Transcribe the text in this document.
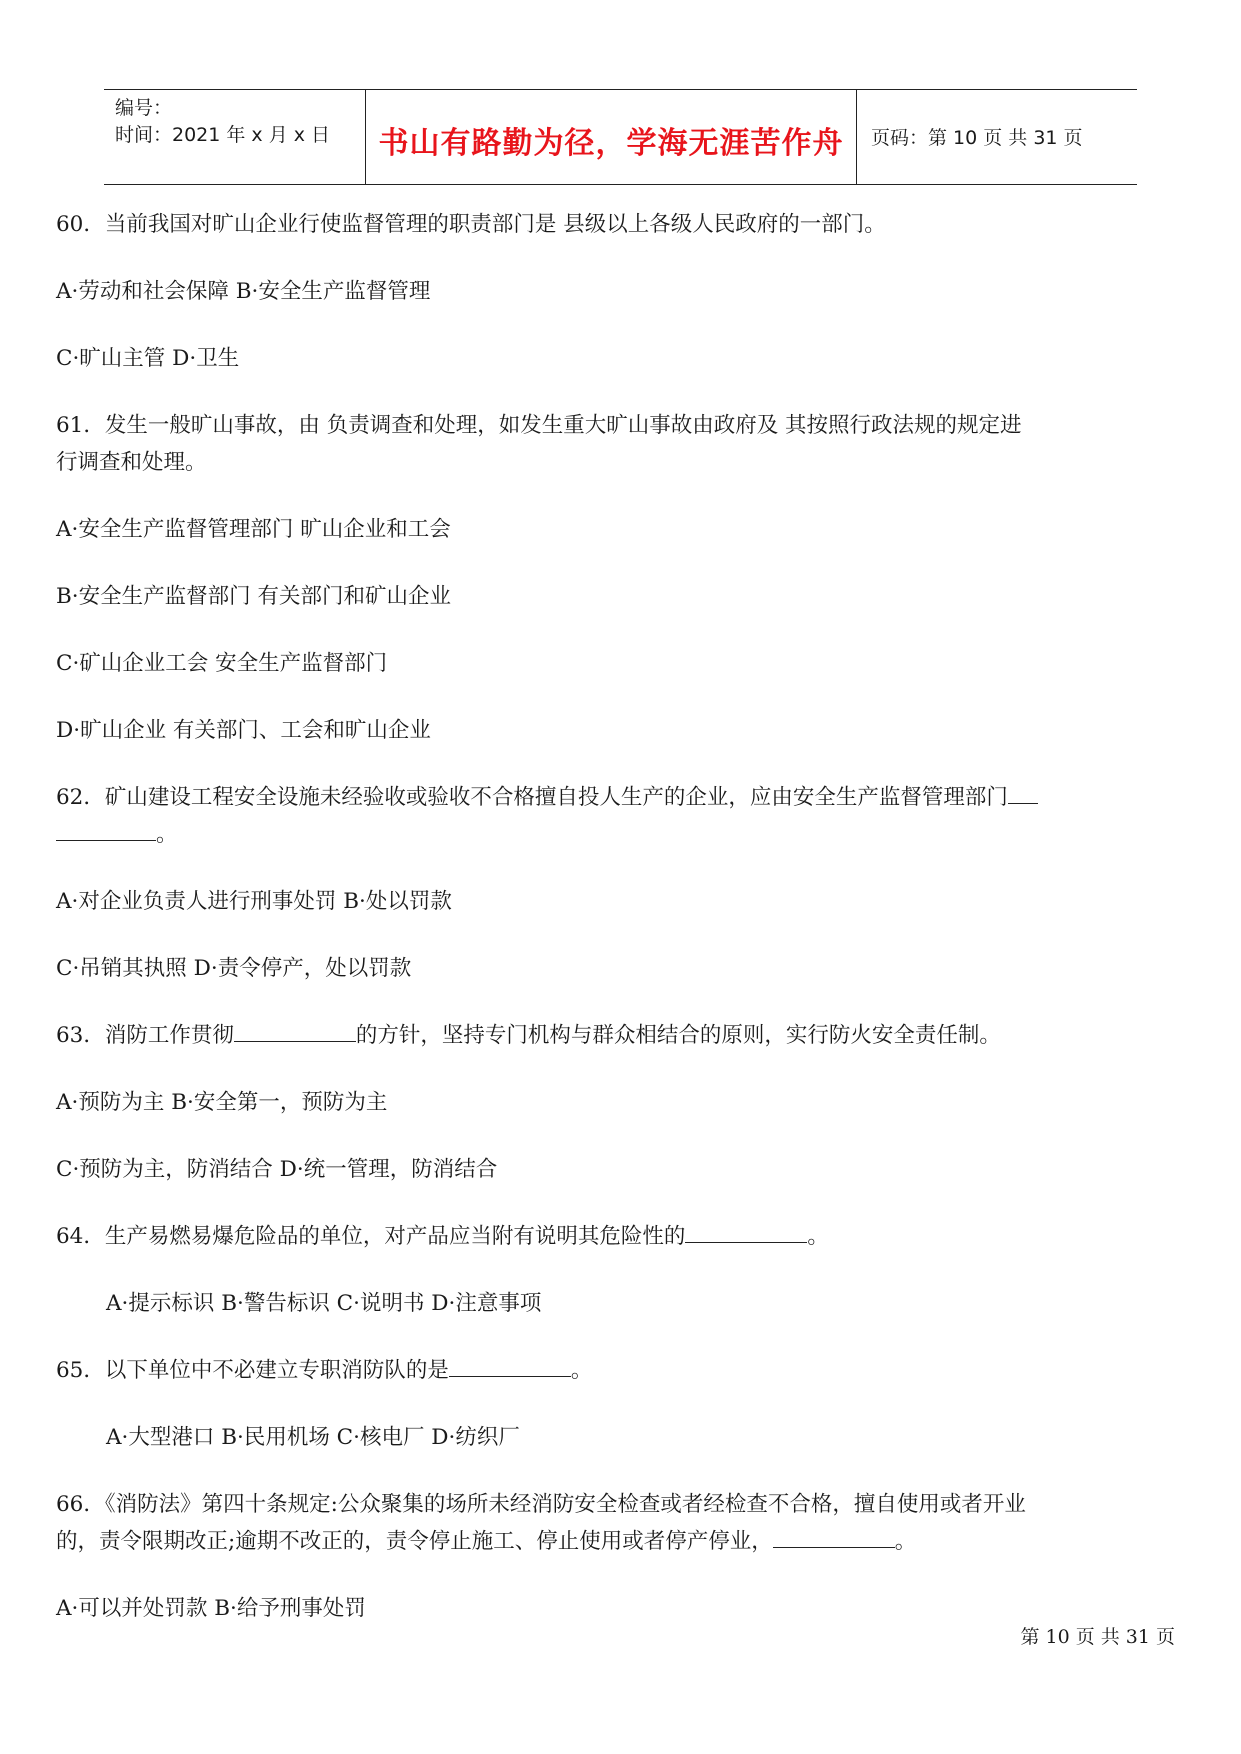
编号：
时间：2021 年 x 月 x 日	书山有路勤为径，学海无涯苦作舟	页码：第 10 页 共 31 页
60．当前我国对旷山企业行使监督管理的职责部门是 县级以上各级人民政府的一部门。
A·劳动和社会保障 B·安全生产监督管理
C·旷山主管 D·卫生
61．发生一般旷山事故，由 负责调查和处理，如发生重大旷山事故由政府及 其按照行政法规的规定进
行调查和处理。
A·安全生产监督管理部门 旷山企业和工会
B·安全生产监督部门 有关部门和矿山企业
C·矿山企业工会 安全生产监督部门
D·旷山企业 有关部门、工会和旷山企业
62．矿山建设工程安全设施未经验收或验收不合格擅自投人生产的企业，应由安全生产监督管理部门
。
A·对企业负责人进行刑事处罚 B·处以罚款
C·吊销其执照 D·责令停产，处以罚款
63．消防工作贯彻	的方针，坚持专门机构与群众相结合的原则，实行防火安全责任制。
A·预防为主 B·安全第一，预防为主
C·预防为主，防消结合 D·统一管理，防消结合
64．生产易燃易爆危险品的单位，对产品应当附有说明其危险性的	。
A·提示标识 B·警告标识 C·说明书 D·注意事项
65．以下单位中不必建立专职消防队的是	。
A·大型港口 B·民用机场 C·核电厂 D·纺织厂
66．《消防法》第四十条规定:公众聚集的场所未经消防安全检查或者经检查不合格，擅自使用或者开业
的，责令限期改正;逾期不改正的，责令停止施工、停止使用或者停产停业，	。
A·可以并处罚款 B·给予刑事处罚
第 10 页 共 31 页
